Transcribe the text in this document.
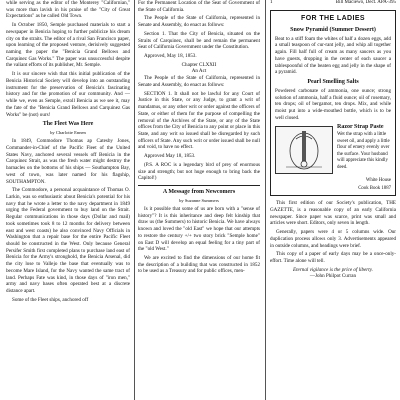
while serving as the editor of the Monterey "Californian," was more than lavish in his praise of the "City of Great Expectations" as he called Old Town.

In October 1850, Semple purchased materials to start a newspaper in Benicia hoping to further publicize his dream city on the straits. The editor of a rival San Francisco paper, upon learning of the proposed venture, derisively suggested naming the paper the "Benicia Grand Bellows and Carquinez Gas Works." The paper was unsuccessful despite the valiant efforts of its publisher, Mr. Semple.

It is our sincere wish that this initial publication of the Benicia Historical Society will develop into an outstanding instrument for the preservation of Benicia's fascinating history and for the promotion of our community. And — while we, even as Semple, extoll Benicia as we see it, may the fate of the "Benicia Grand Bellows and Carquinez Gas Works" be (not) ours!

The Fleet Was Here
by Charlotte Ennen

In 1849, Commodore Thomas ap Catesby Jones, Commander-in-Chief of the Pacific Fleet of the United States Navy, anchored several vessels off Benicia in the Carquinez Strait, as was the fresh water might destroy the barnacles on the bottoms of his ships — Southampton Bay, west of town, was later named for his flagship, SOUTHAMPTON.

The Commodore, a personal acquaintance of Thomas O. Larkin, was so enthusiastic about Benicia's potential for his navy that he wrote a letter to the navy department in 1849 urging the Federal government to buy land on the Strait. Regular communications in those days (Dollar and mail) took sometimes took 8 to 12 months for delivery between east and west coasts) he also convinced Navy Officials in Washington that a repair base for the entire Pacific Fleet should be constructed in the West. Only because General Persifer Smith first completed plans to purchase land east of Benicia for the Army's stronghold, the Benicia Arsenal, did the city lose to Vallejo the base that eventually was to become Mare Island, for the Navy wanted the same tract of land. Perhaps Fate was kind, in those days of "iron men," army and navy bases often operated best at a discrete distance apart.

Some of the Fleet ships, anchored off

For the Permanent Location of the Seat of Government of the State of California.

The People of the State of California, represented in Senate and Assembly, do enact as follows:

Section 1. That the City of Benicia, situated on the Straits of Carquinez, shall be and remain the permanent Seat of California Government under the Constitution.

Approved, May 18, 1853.

Chapter CLXXII
An Act

The People of the State of California, represented in Senate and Assembly, do enact as follows:

SECTION 1. It shall not be lawful for any Court of Justice in this State, or any Judge, to grant a writ of mandamus, or any other writ or order against the officers of State, or either of them for the purpose of compelling the removal of the Archives of the State, or any of the State offices from the City of Benicia to any point or place in this State, and any writ so issued shall be disregarded by such officers of State. Any such writ or order issued shall be null and void, to have no effect.

Approved May 18, 1853.

(P.S. A ROC is a legendary bird of prey of enormous size and strength; but not huge enough to bring back the Capitol!)

A Message from Newcomers
by Suzanne Summers

Is it possible that some of us are born with a "sense of history"? It is this inheritance and deep felt kinship that draw us (the Summers) to historic Benicia. We have always known and loved the "old East" we hope that our attempts to restore the century +/+ two story brick "Semple home" on East D will develop an equal feeling for a tiny part of the "old West."

We are excited to find the dimensions of our home fit the description of a building that was constructed in 1852 to be used as a Treasury and for public offices, men-

1	Bill Maciewo, Dect. APA-395
FOR THE LADIES
Snow Pyramid (Summer Dessert)

Beat to a stiff foam the whites of half a dozen eggs, add a small teaspoon of cur-rant jelly, and whip all together again. Fill half full of cream as many saucers as you have guests, dropping in the center of each saucer a tablespoonful of the beaten egg and jelly in the shape of a pyramid.

Pearl Smelling Salts

Powdered carbonate of ammonia, one ounce; strong solution of ammonia, half a fluid ounce; oil of rosemary, ten drops; oil of bergamot, ten drops. Mix, and while moist put into a wide-mouthed bottle, which is to be well closed.

Razor Strap Paste

Wet the strap with a little sweet oil, and apply a little flour of emery evenly over the surface. Your husband will appreciate this kindly deed.

White House
Cook Book 1887

This first edition of our Society's publication, THE GAZETTE, is a reasonable copy of an early California newspaper. Since paper was scarce, print was small and articles were short. Editors, only seven in length.

Generally, papers were 4 or 5 columns wide. Our duplication process allows only 3. Advertisements appeared in outside columns, and headings were brief.

This copy of a paper of early days may be a once-only-effort. Time alone will tell.

Eternal vigilance is the price of liberty.
—John Philpot Curran
